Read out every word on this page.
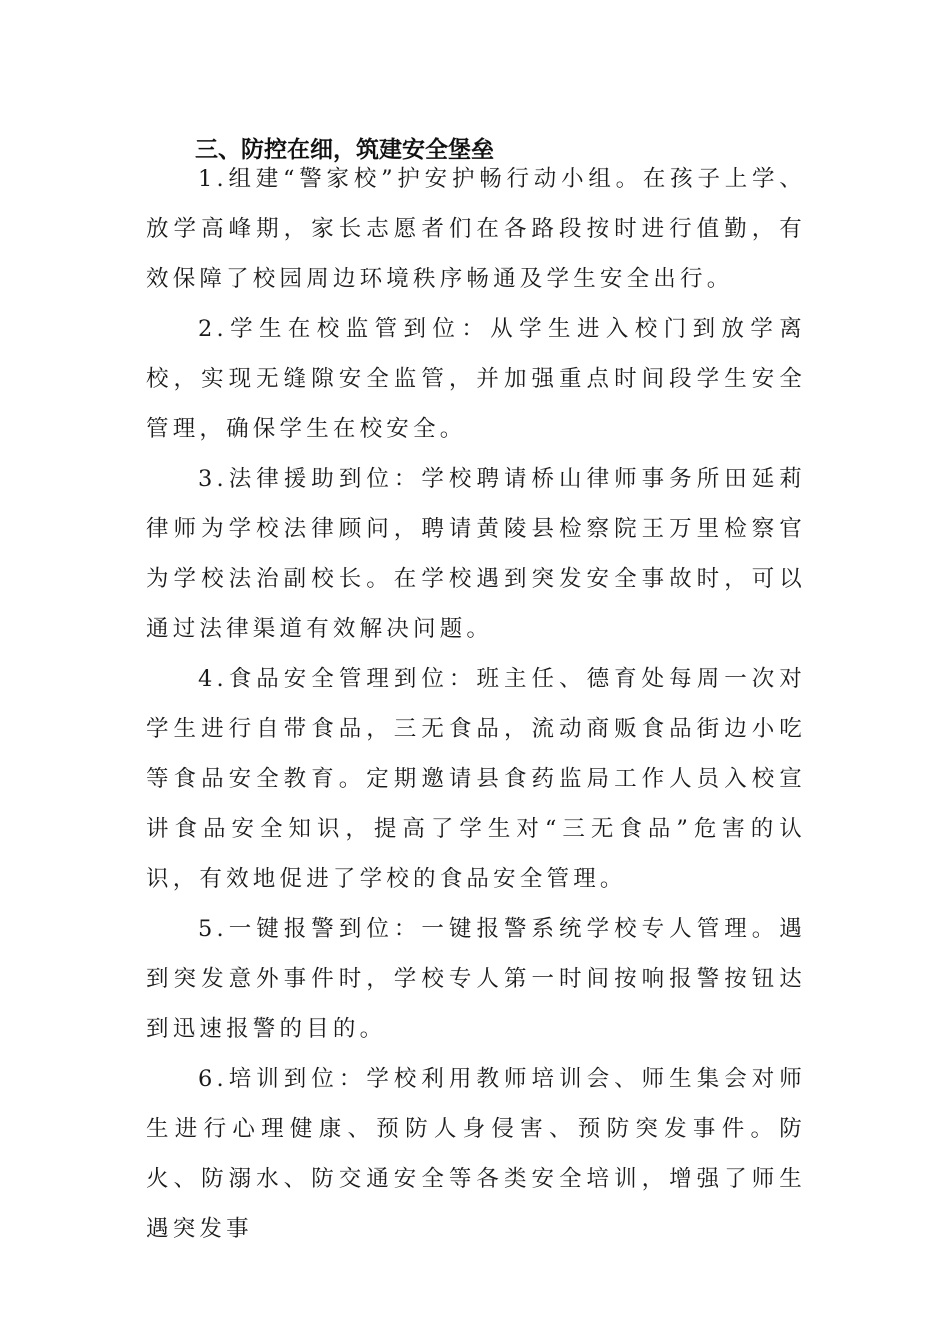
三、防控在细，筑建安全堡垒

1.组建“警家校”护安护畅行动小组。在孩子上学、放学高峰期，家长志愿者们在各路段按时进行值勤，有效保障了校园周边环境秩序畅通及学生安全出行。

2.学生在校监管到位：从学生进入校门到放学离校，实现无缝隙安全监管，并加强重点时间段学生安全管理，确保学生在校安全。

3.法律援助到位：学校聘请桥山律师事务所田延莉律师为学校法律顾问，聘请黄陵县检察院王万里检察官为学校法治副校长。在学校遇到突发安全事故时，可以通过法律渠道有效解决问题。

4.食品安全管理到位：班主任、德育处每周一次对学生进行自带食品，三无食品，流动商贩食品街边小吃等食品安全教育。定期邀请县食药监局工作人员入校宣讲食品安全知识，提高了学生对“三无食品”危害的认识，有效地促进了学校的食品安全管理。

5.一键报警到位：一键报警系统学校专人管理。遇到突发意外事件时，学校专人第一时间按响报警按钮达到迅速报警的目的。

6.培训到位：学校利用教师培训会、师生集会对师生进行心理健康、预防人身侵害、预防突发事件。防火、防溺水、防交通安全等各类安全培训，增强了师生遇突发事
